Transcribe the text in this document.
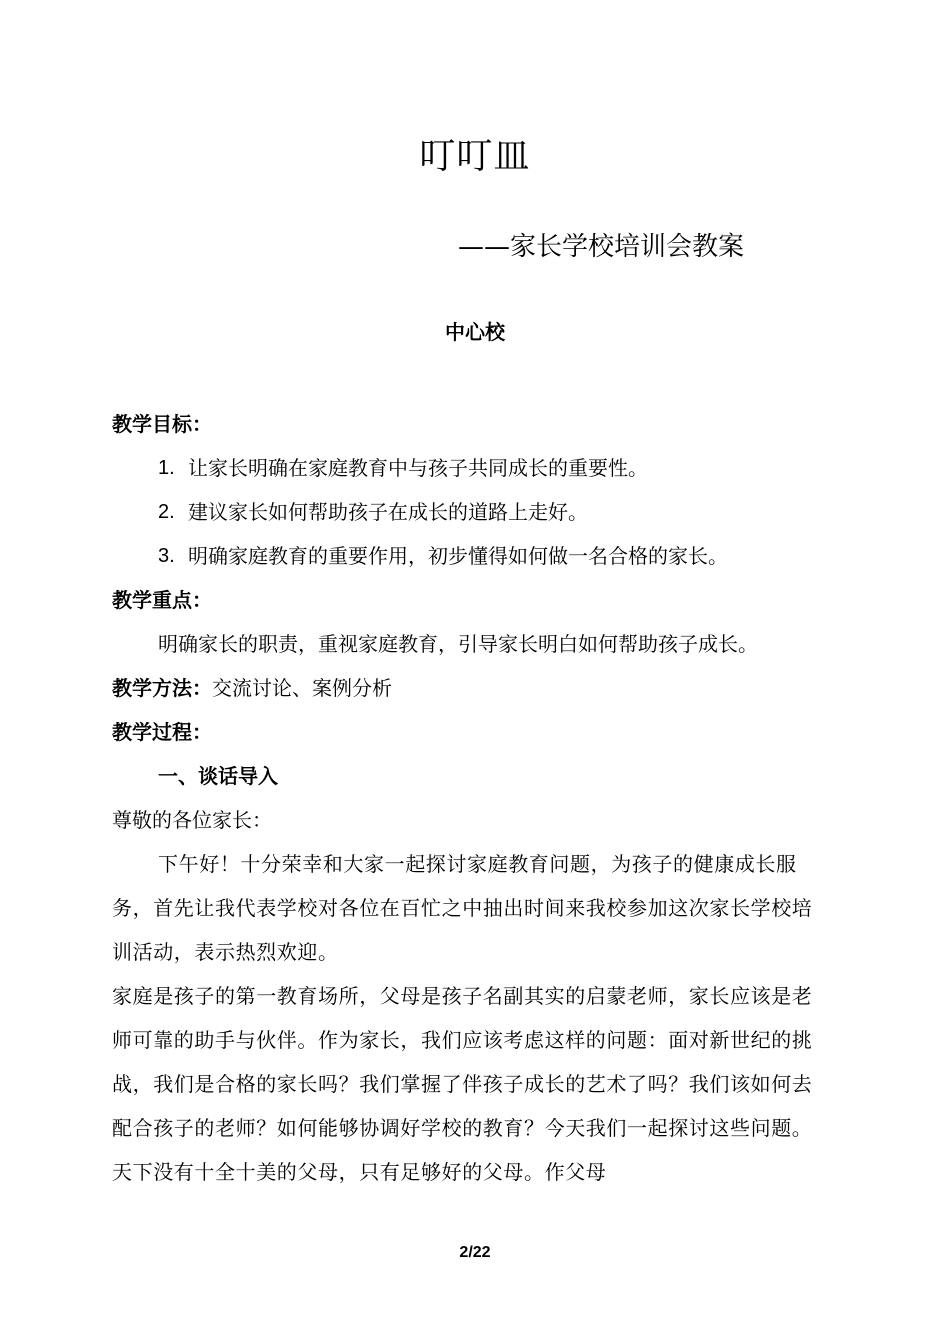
叮叮皿
——家长学校培训会教案
中心校

教学目标：

1. 让家长明确在家庭教育中与孩子共同成长的重要性。
2. 建议家长如何帮助孩子在成长的道路上走好。
3. 明确家庭教育的重要作用，初步懂得如何做一名合格的家长。

教学重点：

明确家长的职责，重视家庭教育，引导家长明白如何帮助孩子成长。

教学方法：交流讨论、案例分析

教学过程：

一、谈话导入

尊敬的各位家长：

下午好！十分荣幸和大家一起探讨家庭教育问题，为孩子的健康成长服务，首先让我代表学校对各位在百忙之中抽出时间来我校参加这次家长学校培训活动，表示热烈欢迎。

家庭是孩子的第一教育场所，父母是孩子名副其实的启蒙老师，家长应该是老师可靠的助手与伙伴。作为家长，我们应该考虑这样的问题：面对新世纪的挑战，我们是合格的家长吗？我们掌握了伴孩子成长的艺术了吗？我们该如何去配合孩子的老师？如何能够协调好学校的教育？今天我们一起探讨这些问题。天下没有十全十美的父母，只有足够好的父母。作父母

2/22
